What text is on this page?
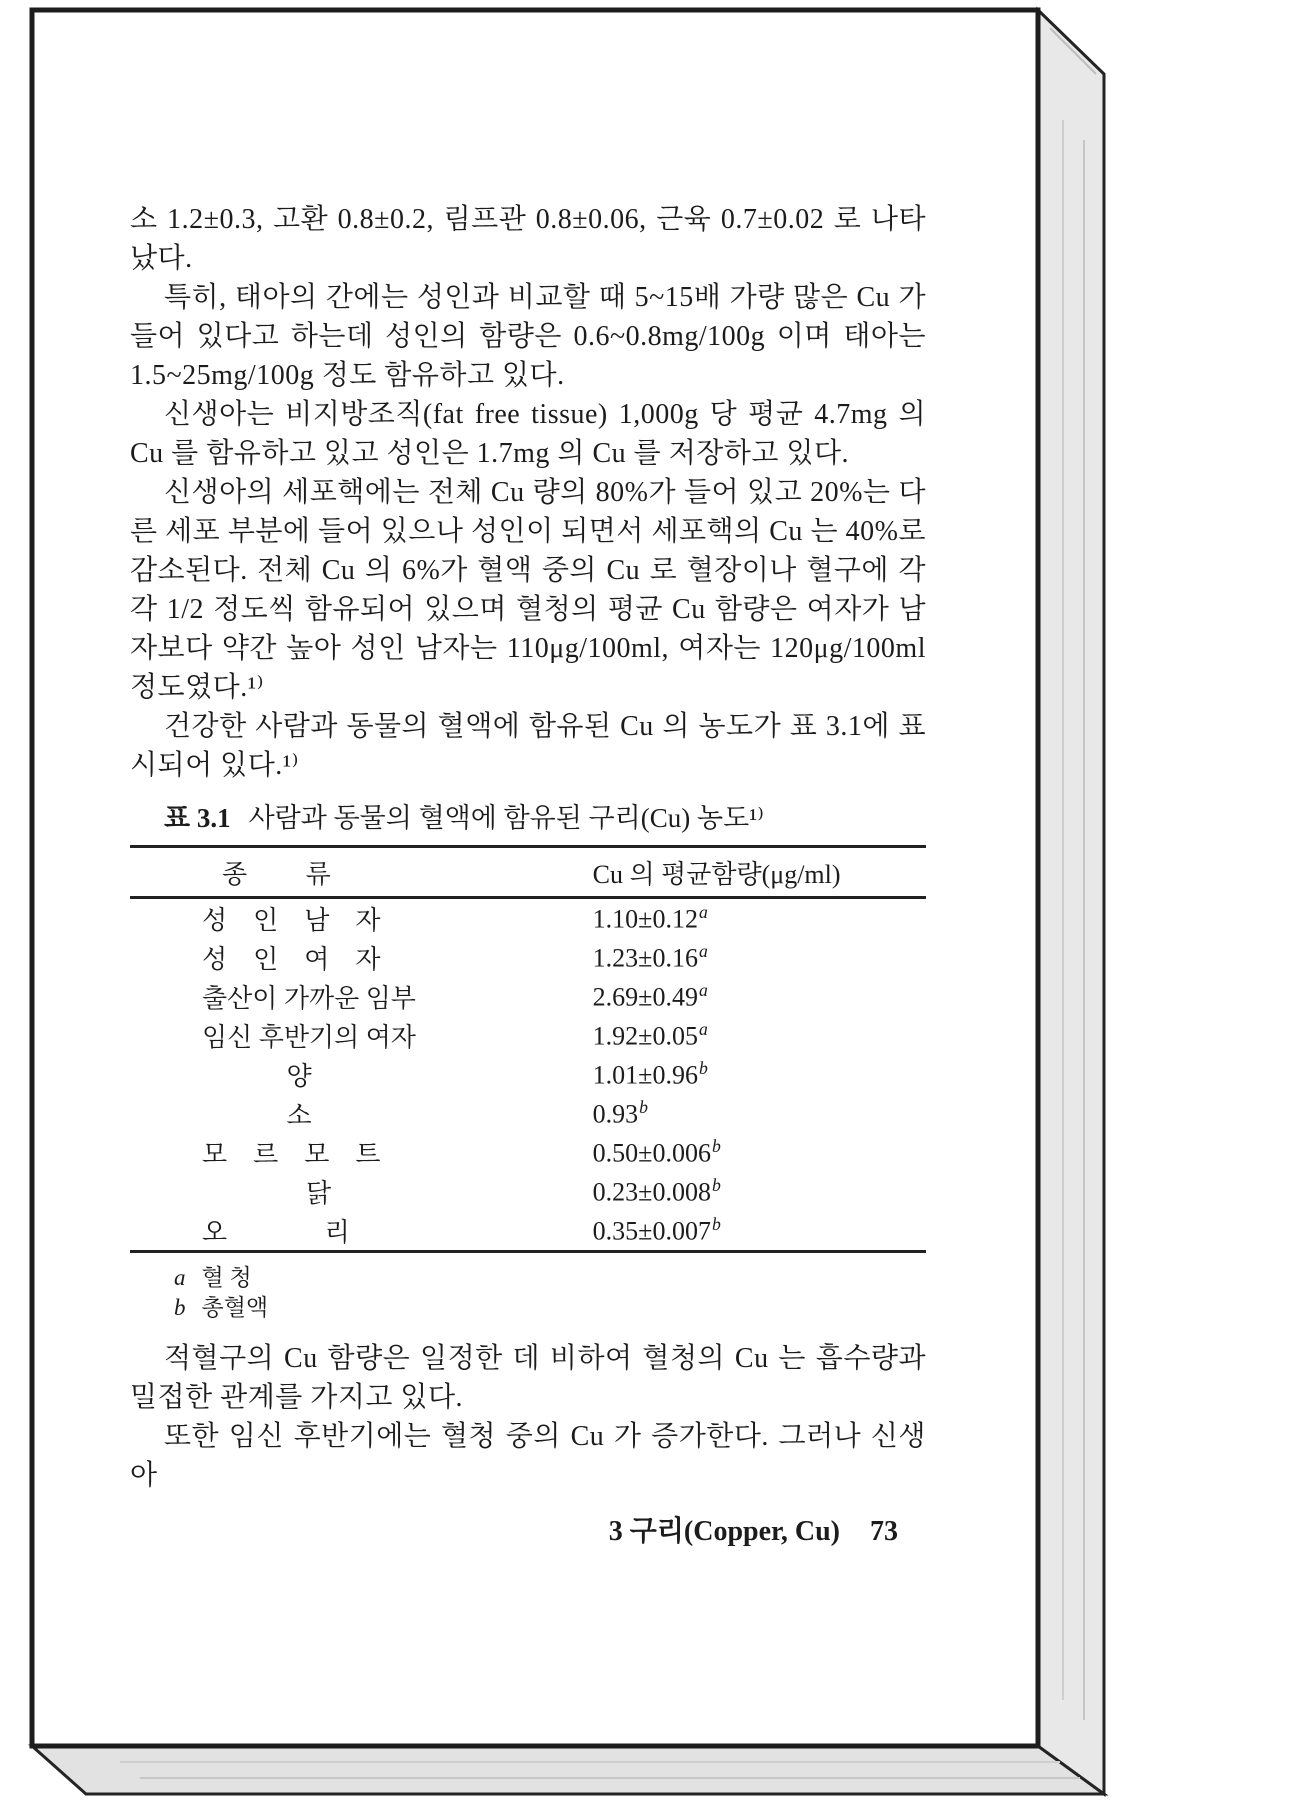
소 1.2±0.3, 고환 0.8±0.2, 림프관 0.8±0.06, 근육 0.7±0.02 로 나타났다.

특히, 태아의 간에는 성인과 비교할 때 5~15배 가량 많은 Cu 가 들어 있다고 하는데 성인의 함량은 0.6~0.8mg/100g 이며 태아는 1.5~25mg/100g 정도 함유하고 있다.

신생아는 비지방조직(fat free tissue) 1,000g 당 평균 4.7mg 의 Cu 를 함유하고 있고 성인은 1.7mg 의 Cu 를 저장하고 있다.

신생아의 세포핵에는 전체 Cu 량의 80%가 들어 있고 20%는 다른 세포 부분에 들어 있으나 성인이 되면서 세포핵의 Cu 는 40%로 감소된다. 전체 Cu 의 6%가 혈액 중의 Cu 로 혈장이나 혈구에 각각 1/2 정도씩 함유되어 있으며 혈청의 평균 Cu 함량은 여자가 남자보다 약간 높아 성인 남자는 110μg/100ml, 여자는 120μg/100ml 정도였다.¹⁾

건강한 사람과 동물의 혈액에 함유된 Cu 의 농도가 표 3.1에 표시되어 있다.¹⁾

표 3.1 사람과 동물의 혈액에 함유된 구리(Cu) 농도¹⁾
종         류	Cu 의 평균함량(μg/ml)
성    인    남    자	1.10±0.12$^a$
성    인    여    자	1.23±0.16$^a$
출산이 가까운 임부	2.69±0.49$^a$
임신 후반기의 여자	1.92±0.05$^a$
양	1.01±0.96$^b$
소	0.93$^b$
모    르    모    트	0.50±0.006$^b$
닭	0.23±0.008$^b$
오               리	0.35±0.007$^b$
a 혈 청
b 총혈액

적혈구의 Cu 함량은 일정한 데 비하여 혈청의 Cu 는 흡수량과 밀접한 관계를 가지고 있다.

또한 임신 후반기에는 혈청 중의 Cu 가 증가한다. 그러나 신생아

3 구리(Copper, Cu) 73
